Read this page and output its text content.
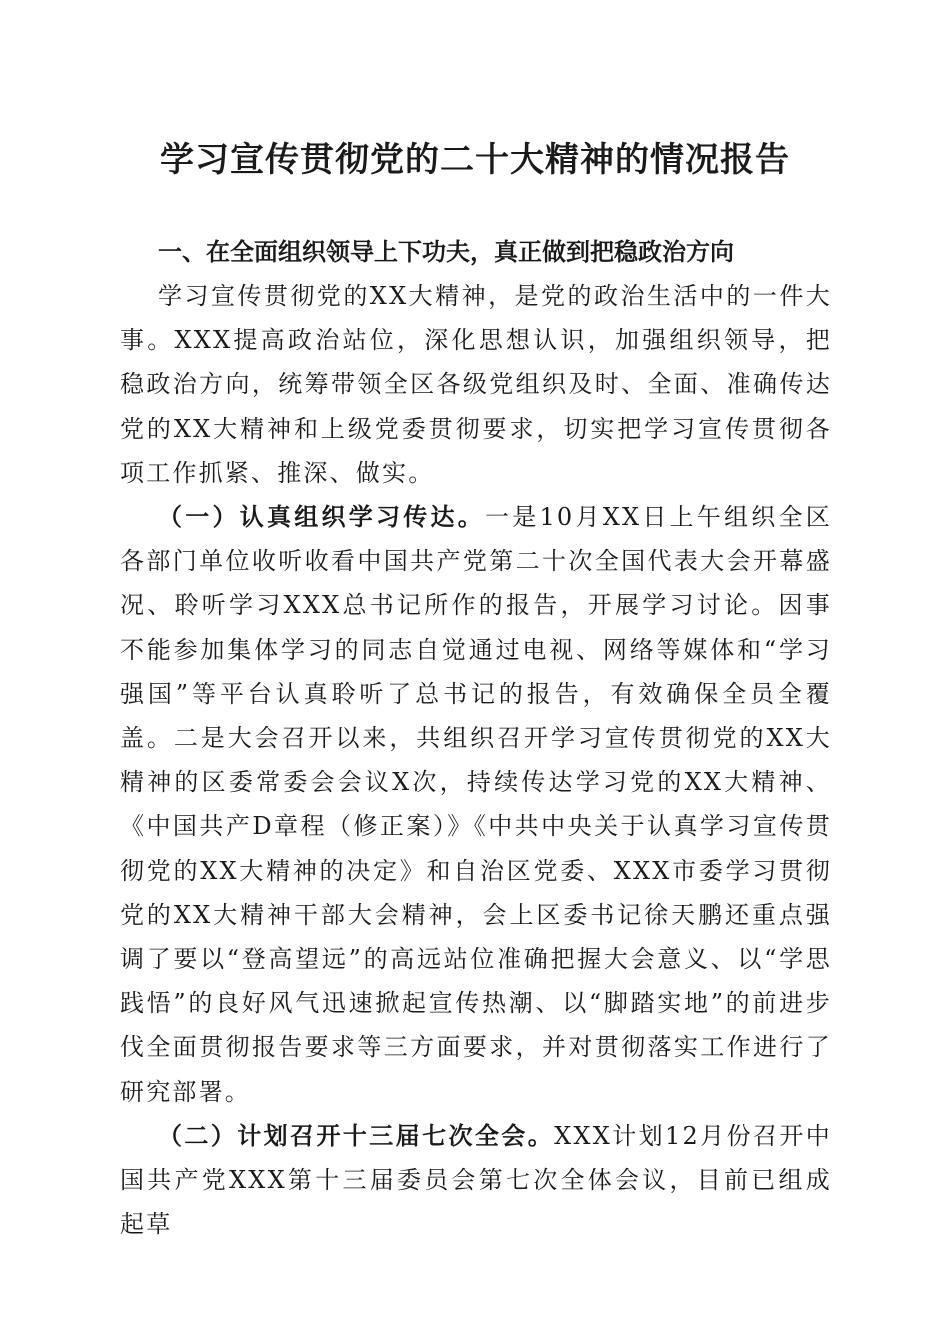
学习宣传贯彻党的二十大精神的情况报告
一、在全面组织领导上下功夫，真正做到把稳政治方向

学习宣传贯彻党的XX大精神，是党的政治生活中的一件大事。XXX提高政治站位，深化思想认识，加强组织领导，把稳政治方向，统筹带领全区各级党组织及时、全面、准确传达党的XX大精神和上级党委贯彻要求，切实把学习宣传贯彻各项工作抓紧、推深、做实。

（一）认真组织学习传达。一是10月XX日上午组织全区各部门单位收听收看中国共产党第二十次全国代表大会开幕盛况、聆听学习XXX总书记所作的报告，开展学习讨论。因事不能参加集体学习的同志自觉通过电视、网络等媒体和“学习强国”等平台认真聆听了总书记的报告，有效确保全员全覆盖。二是大会召开以来，共组织召开学习宣传贯彻党的XX大精神的区委常委会会议X次，持续传达学习党的XX大精神、《中国共产D章程（修正案）》《中共中央关于认真学习宣传贯彻党的XX大精神的决定》和自治区党委、XXX市委学习贯彻党的XX大精神干部大会精神，会上区委书记徐天鹏还重点强调了要以“登高望远”的高远站位准确把握大会意义、以“学思践悟”的良好风气迅速掀起宣传热潮、以“脚踏实地”的前进步伐全面贯彻报告要求等三方面要求，并对贯彻落实工作进行了研究部署。

（二）计划召开十三届七次全会。XXX计划12月份召开中国共产党XXX第十三届委员会第七次全体会议，目前已组成起草
